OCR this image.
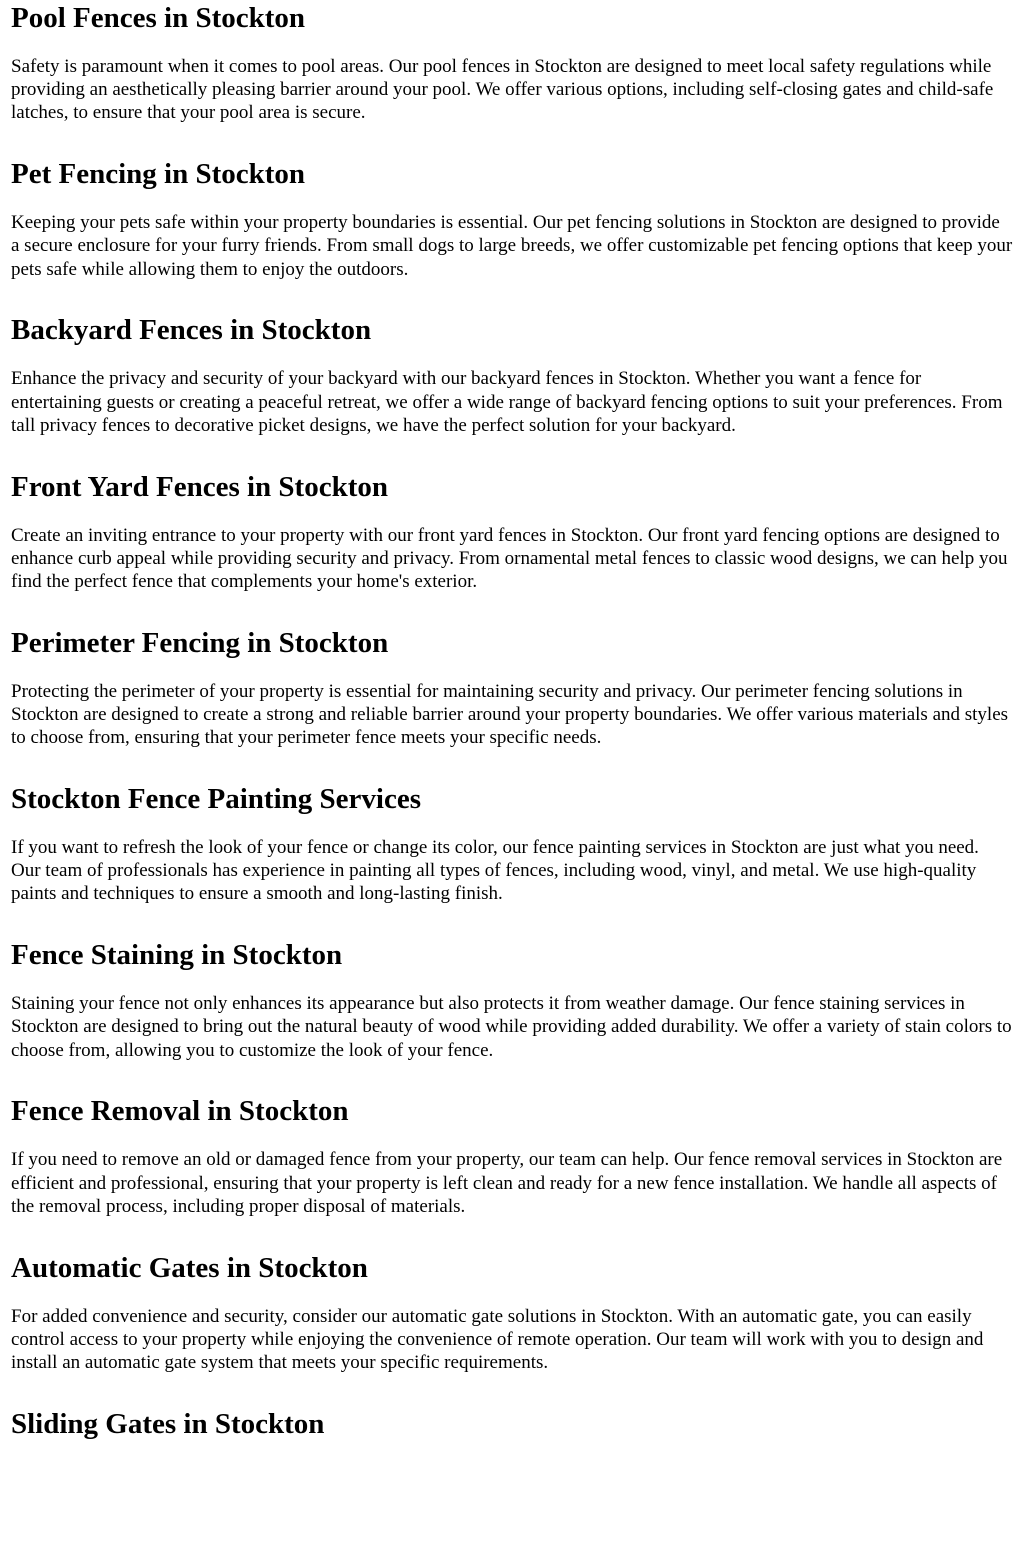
Pool Fences in Stockton

Safety is paramount when it comes to pool areas. Our pool fences in Stockton are designed to meet local safety regulations while providing an aesthetically pleasing barrier around your pool. We offer various options, including self-closing gates and child-safe latches, to ensure that your pool area is secure.

Pet Fencing in Stockton

Keeping your pets safe within your property boundaries is essential. Our pet fencing solutions in Stockton are designed to provide a secure enclosure for your furry friends. From small dogs to large breeds, we offer customizable pet fencing options that keep your pets safe while allowing them to enjoy the outdoors.

Backyard Fences in Stockton

Enhance the privacy and security of your backyard with our backyard fences in Stockton. Whether you want a fence for entertaining guests or creating a peaceful retreat, we offer a wide range of backyard fencing options to suit your preferences. From tall privacy fences to decorative picket designs, we have the perfect solution for your backyard.

Front Yard Fences in Stockton

Create an inviting entrance to your property with our front yard fences in Stockton. Our front yard fencing options are designed to enhance curb appeal while providing security and privacy. From ornamental metal fences to classic wood designs, we can help you find the perfect fence that complements your home's exterior.

Perimeter Fencing in Stockton

Protecting the perimeter of your property is essential for maintaining security and privacy. Our perimeter fencing solutions in Stockton are designed to create a strong and reliable barrier around your property boundaries. We offer various materials and styles to choose from, ensuring that your perimeter fence meets your specific needs.

Stockton Fence Painting Services

If you want to refresh the look of your fence or change its color, our fence painting services in Stockton are just what you need. Our team of professionals has experience in painting all types of fences, including wood, vinyl, and metal. We use high-quality paints and techniques to ensure a smooth and long-lasting finish.

Fence Staining in Stockton

Staining your fence not only enhances its appearance but also protects it from weather damage. Our fence staining services in Stockton are designed to bring out the natural beauty of wood while providing added durability. We offer a variety of stain colors to choose from, allowing you to customize the look of your fence.

Fence Removal in Stockton

If you need to remove an old or damaged fence from your property, our team can help. Our fence removal services in Stockton are efficient and professional, ensuring that your property is left clean and ready for a new fence installation. We handle all aspects of the removal process, including proper disposal of materials.

Automatic Gates in Stockton

For added convenience and security, consider our automatic gate solutions in Stockton. With an automatic gate, you can easily control access to your property while enjoying the convenience of remote operation. Our team will work with you to design and install an automatic gate system that meets your specific requirements.

Sliding Gates in Stockton
